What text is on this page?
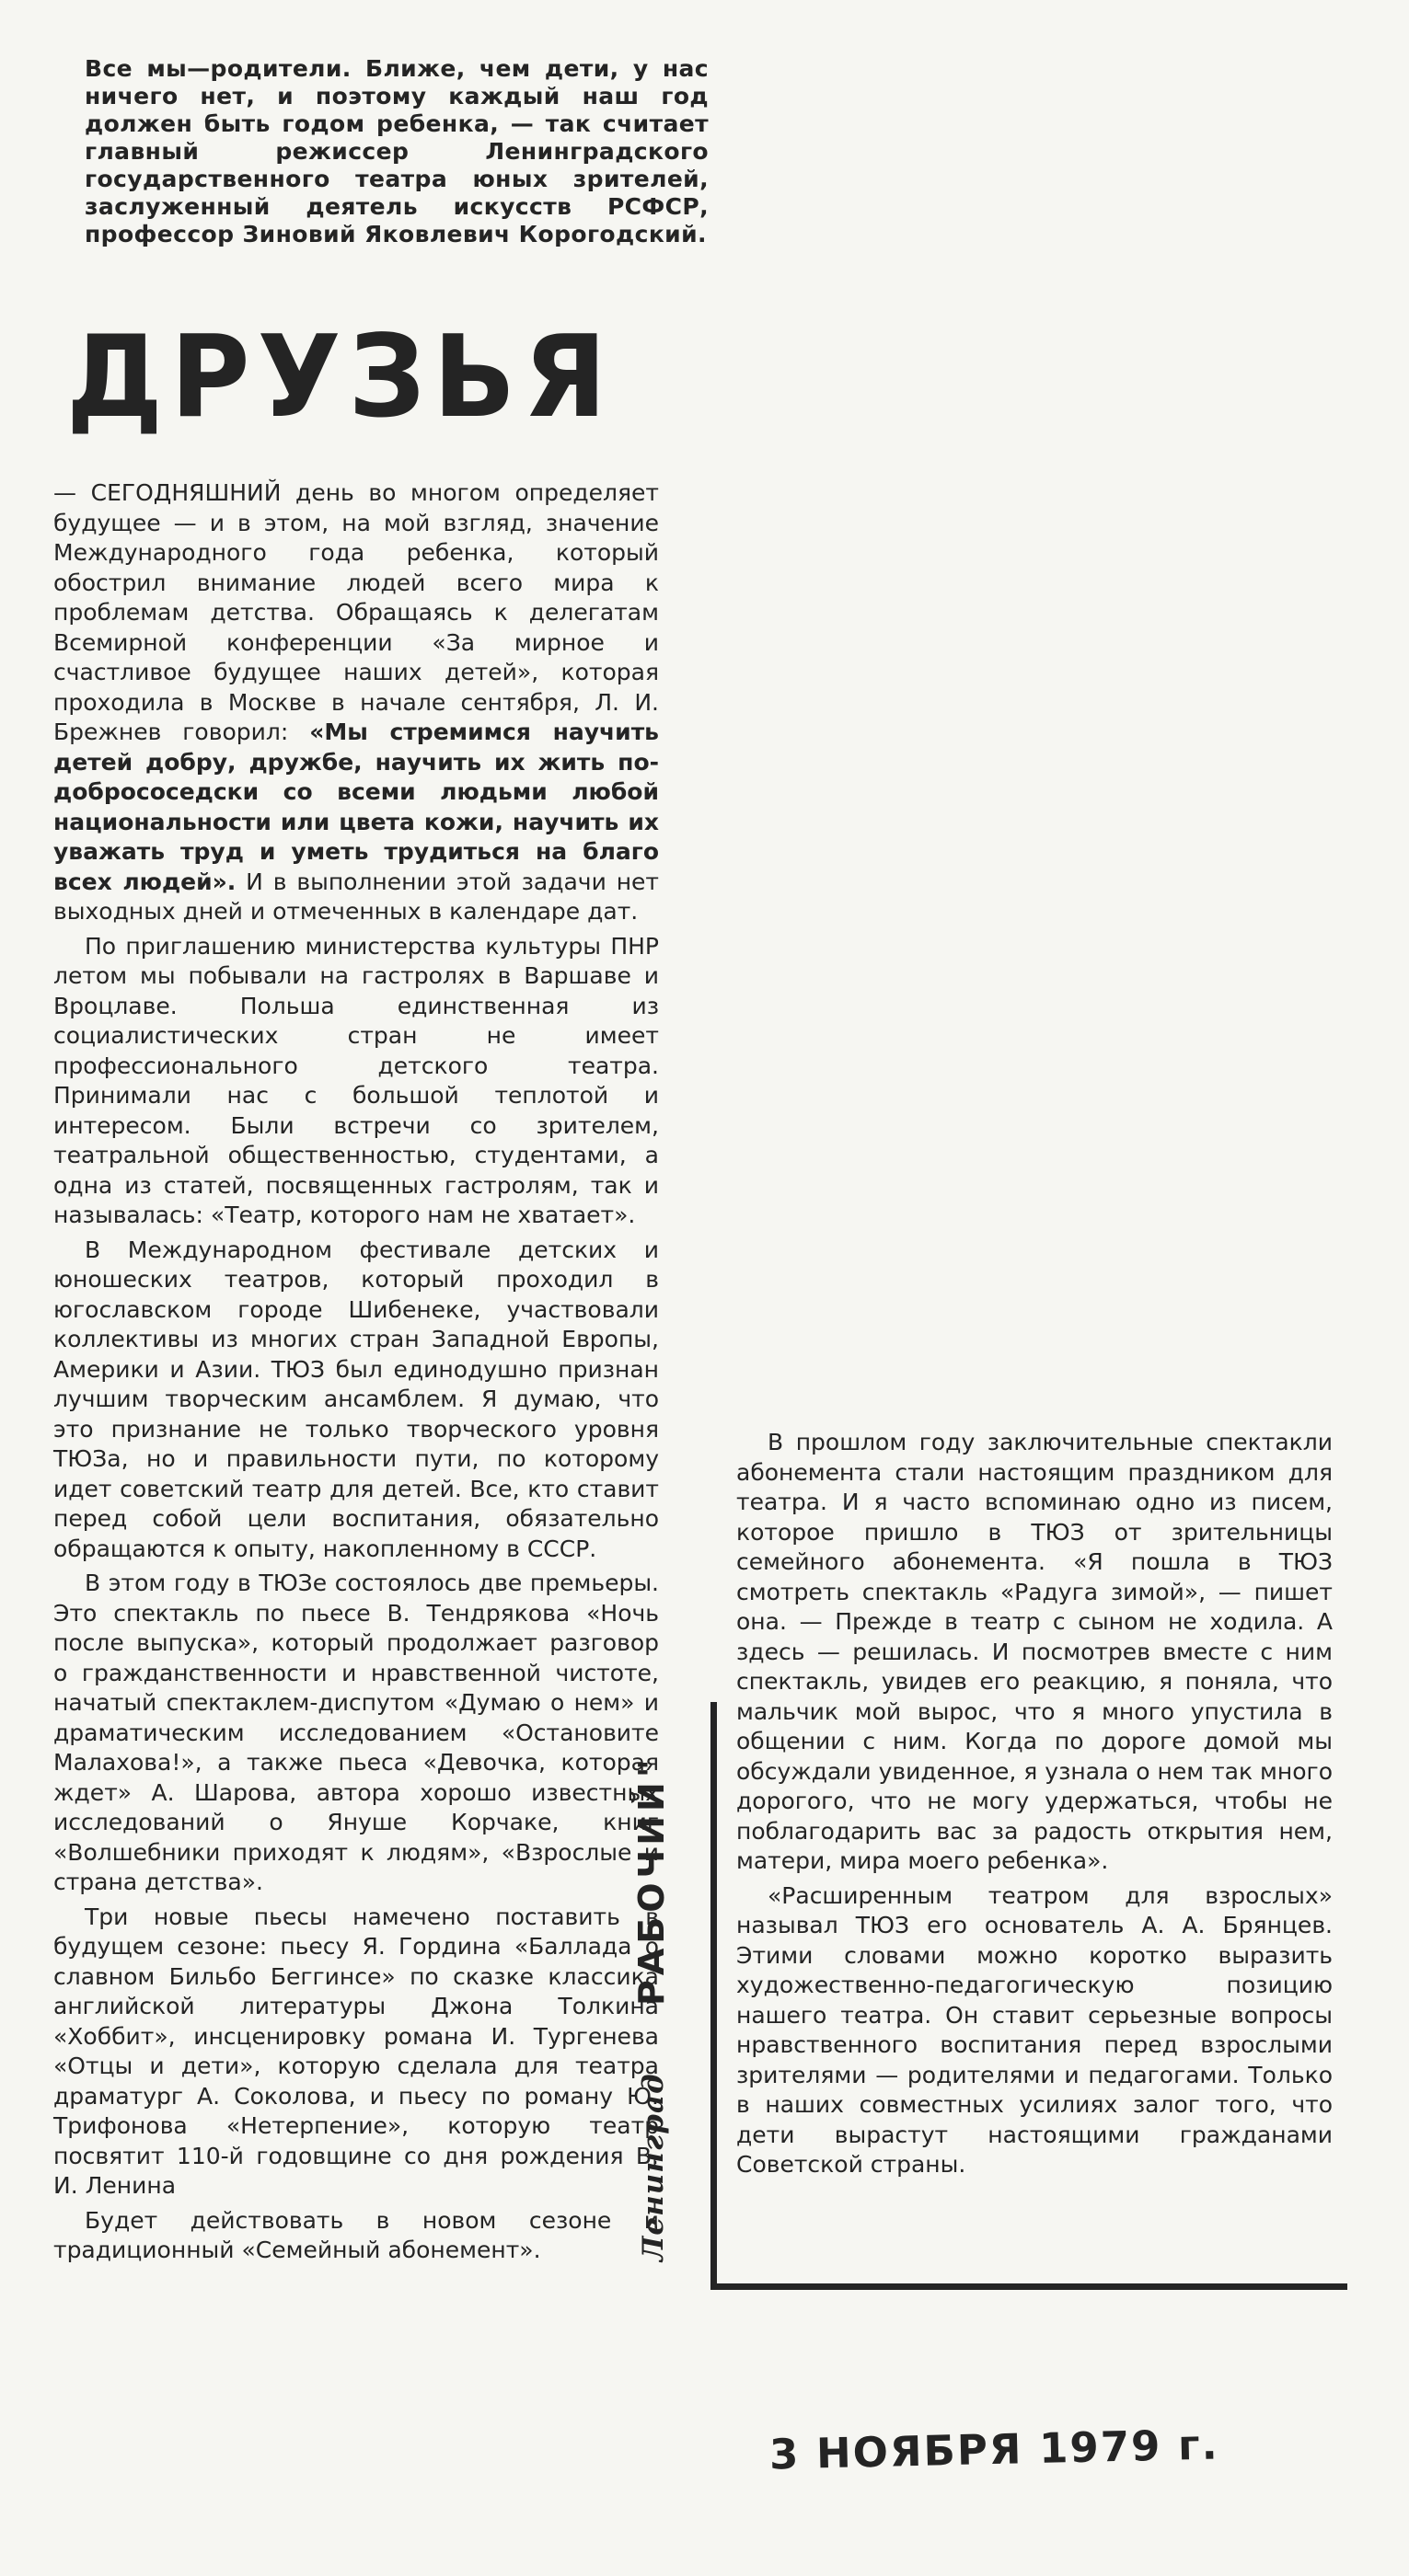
Все мы—родители. Ближе, чем дети, у нас ничего нет, и поэтому каждый наш год должен быть годом ребенка, — так считает главный режиссер Ленинградского государственного театра юных зрителей, заслуженный деятель искусств РСФСР, профессор Зиновий Яковлевич Корогодский.

ДРУЗЬЯ

— СЕГОДНЯШНИЙ день во многом определяет будущее — и в этом, на мой взгляд, значение Международного года ребенка, который обострил внимание людей всего мира к проблемам детства. Обращаясь к делегатам Всемирной конференции «За мирное и счастливое будущее наших детей», которая проходила в Москве в начале сентября, Л. И. Брежнев говорил: «Мы стремимся научить детей добру, дружбе, научить их жить по-добрососедски со всеми людьми любой национальности или цвета кожи, научить их уважать труд и уметь трудиться на благо всех людей». И в выполнении этой задачи нет выходных дней и отмеченных в календаре дат.

По приглашению министерства культуры ПНР летом мы побывали на гастролях в Варшаве и Вроцлаве. Польша единственная из социалистических стран не имеет профессионального детского театра. Принимали нас с большой теплотой и интересом. Были встречи со зрителем, театральной общественностью, студентами, а одна из статей, посвященных гастролям, так и называлась: «Театр, которого нам не хватает».

В Международном фестивале детских и юношеских театров, который проходил в югославском городе Шибенеке, участвовали коллективы из многих стран Западной Европы, Америки и Азии. ТЮЗ был единодушно признан лучшим творческим ансамблем. Я думаю, что это признание не только творческого уровня ТЮЗа, но и правильности пути, по которому идет советский театр для детей. Все, кто ставит перед собой цели воспитания, обязательно обращаются к опыту, накопленному в СССР.

В этом году в ТЮЗе состоялось две премьеры. Это спектакль по пьесе В. Тендрякова «Ночь после выпуска», который продолжает разговор о гражданственности и нравственной чистоте, начатый спектаклем-диспутом «Думаю о нем» и драматическим исследованием «Остановите Малахова!», а также пьеса «Девочка, которая ждет» А. Шарова, автора хорошо известных исследований о Януше Корчаке, книг «Волшебники приходят к людям», «Взрослые и страна детства».

Три новые пьесы намечено поставить в будущем сезоне: пьесу Я. Гордина «Баллада о славном Бильбо Беггинсе» по сказке классика английской литературы Джона Толкина «Хоббит», инсценировку романа И. Тургенева «Отцы и дети», которую сделала для театра драматург А. Соколова, и пьесу по роману Ю. Трифонова «Нетерпение», которую театр посвятит 110-й годовщине со дня рождения В. И. Ленина

Будет действовать в новом сезоне и традиционный «Семейный абонемент».

В прошлом году заключительные спектакли абонемента стали настоящим праздником для театра. И я часто вспоминаю одно из писем, которое пришло в ТЮЗ от зрительницы семейного абонемента. «Я пошла в ТЮЗ смотреть спектакль «Радуга зимой», — пишет она. — Прежде в театр с сыном не ходила. А здесь — решилась. И посмотрев вместе с ним спектакль, увидев его реакцию, я поняла, что мальчик мой вырос, что я много упустила в общении с ним. Когда по дороге домой мы обсуждали увиденное, я узнала о нем так много дорогого, что не могу удержаться, чтобы не поблагодарить вас за радость открытия нем, матери, мира моего ребенка».

«Расширенным театром для взрослых» называл ТЮЗ его основатель А. А. Брянцев. Этими словами можно коротко выразить художественно-педагогическую позицию нашего театра. Он ставит серьезные вопросы нравственного воспитания перед взрослыми зрителями — родителями и педагогами. Только в наших совместных усилиях залог того, что дети вырастут настоящими гражданами Советской страны.

РАБОЧИЙ"
Ленинград
3 НОЯБРЯ 1979 г.
